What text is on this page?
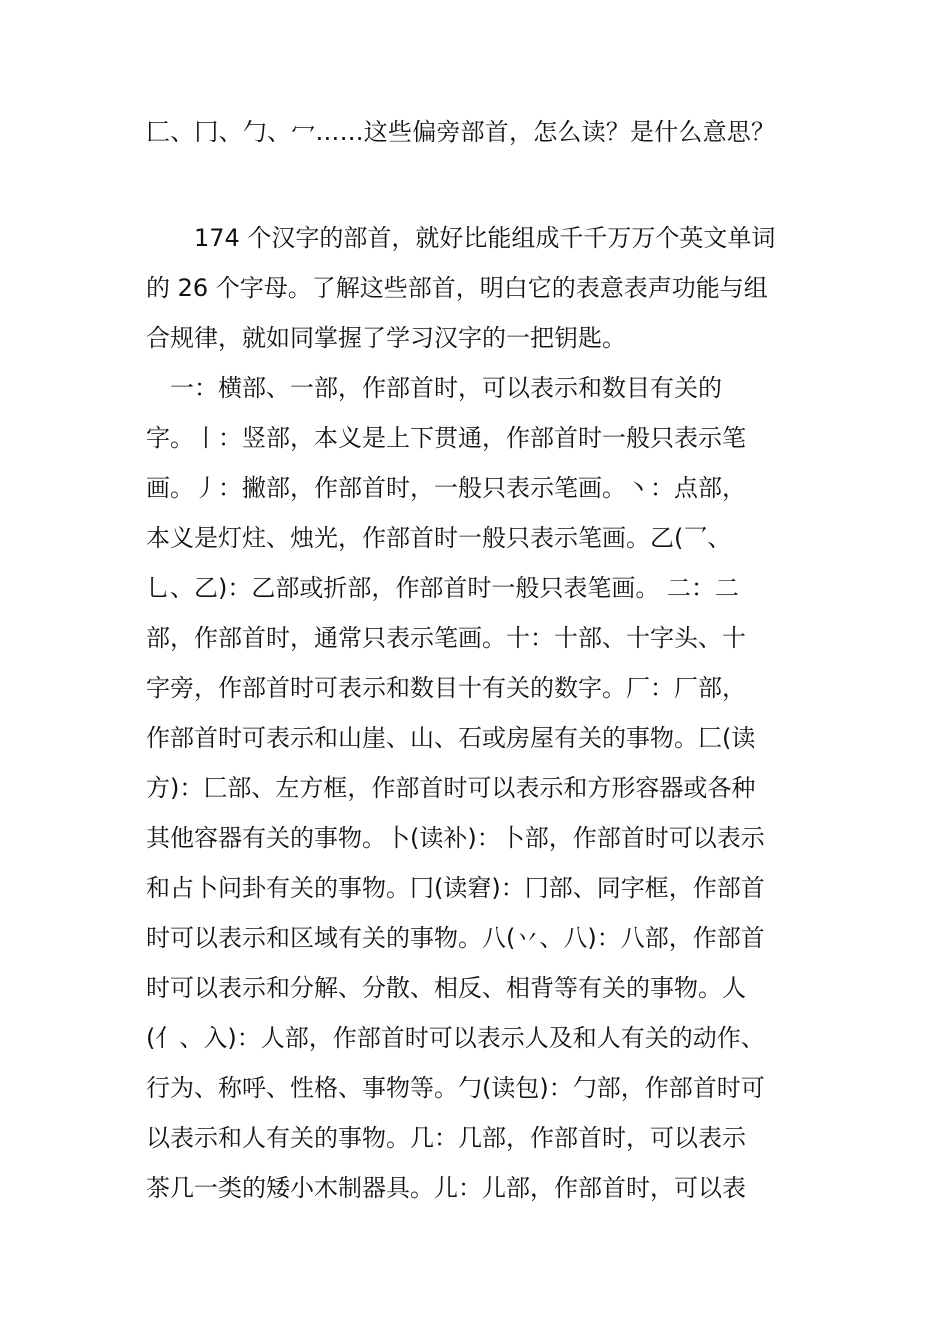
匚、冂、勹、冖……这些偏旁部首，怎么读？是什么意思？
　　174 个汉字的部首，就好比能组成千千万万个英文单词
的 26 个字母。了解这些部首，明白它的表意表声功能与组
合规律，就如同掌握了学习汉字的一把钥匙。
　一：横部、一部，作部首时，可以表示和数目有关的
字。丨：竖部，本义是上下贯通，作部首时一般只表示笔
画。丿：撇部，作部首时，一般只表示笔画。丶：点部，
本义是灯炷、烛光，作部首时一般只表示笔画。乙(乛、
乚、乙)：乙部或折部，作部首时一般只表笔画。 二：二
部，作部首时，通常只表示笔画。十：十部、十字头、十
字旁，作部首时可表示和数目十有关的数字。厂：厂部，
作部首时可表示和山崖、山、石或房屋有关的事物。匚(读
方)：匚部、左方框，作部首时可以表示和方形容器或各种
其他容器有关的事物。卜(读补)：卜部，作部首时可以表示
和占卜问卦有关的事物。冂(读窘)：冂部、同字框，作部首
时可以表示和区域有关的事物。八(丷、八)：八部，作部首
时可以表示和分解、分散、相反、相背等有关的事物。人
(亻、入)：人部，作部首时可以表示人及和人有关的动作、
行为、称呼、性格、事物等。勹(读包)：勹部，作部首时可
以表示和人有关的事物。几：几部，作部首时，可以表示
茶几一类的矮小木制器具。儿：儿部，作部首时，可以表
